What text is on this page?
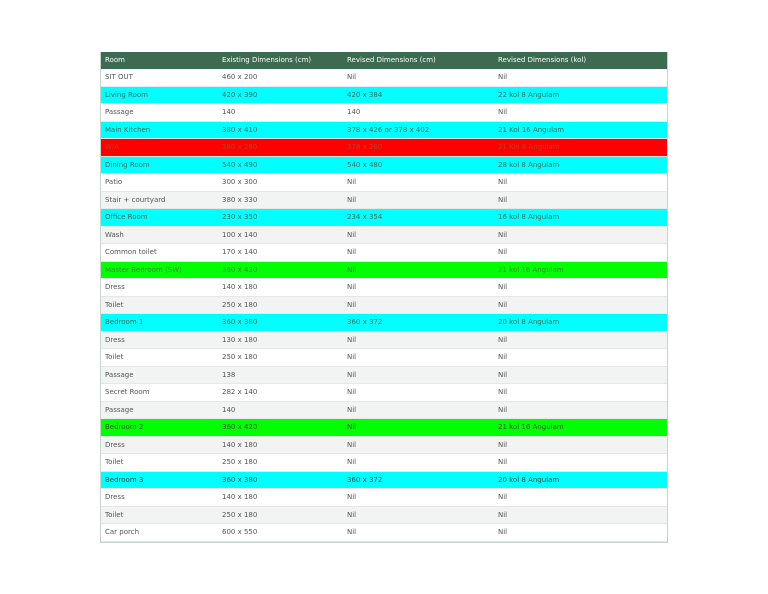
Room	Existing Dimensions (cm)	Revised Dimensions (cm)	Revised Dimensions (kol)
SIT OUT	460 x 200	Nil	Nil
Living Room	420 x 390	420 x 384	22 kol 8 Angulam
Passage	140	140	Nil
Main Kitchen	380 x 410	378 x 426 or 378 x 402	21 Kol 16 Angulam
W/A	380 x 280	378 x 280	21 Kol 8 Angulam
Dining Room	540 x 490	540 x 480	28 kol 8 Angulam
Patio	300 x 300	Nil	Nil
Stair + courtyard	380 x 330	Nil	Nil
Office Room	230 x 350	234 x 354	16 kol 8 Angulam
Wash	100 x 140	Nil	Nil
Common toilet	170 x 140	Nil	Nil
Master Bedroom (SW)	360 x 420	Nil	21 kol 16 Angulam
Dress	140 x 180	Nil	Nil
Toilet	250 x 180	Nil	Nil
Bedroom 1	360 x 380	360 x 372	20 kol 8 Angulam
Dress	130 x 180	Nil	Nil
Toilet	250 x 180	Nil	Nil
Passage	138	Nil	Nil
Secret Room	282 x 140	Nil	Nil
Passage	140	Nil	Nil
Bedroom 2	360 x 420	Nil	21 kol 16 Angulam
Dress	140 x 180	Nil	Nil
Toilet	250 x 180	Nil	Nil
Bedroom 3	360 x 380	360 x 372	20 kol 8 Angulam
Dress	140 x 180	Nil	Nil
Toilet	250 x 180	Nil	Nil
Car porch	600 x 550	Nil	Nil
